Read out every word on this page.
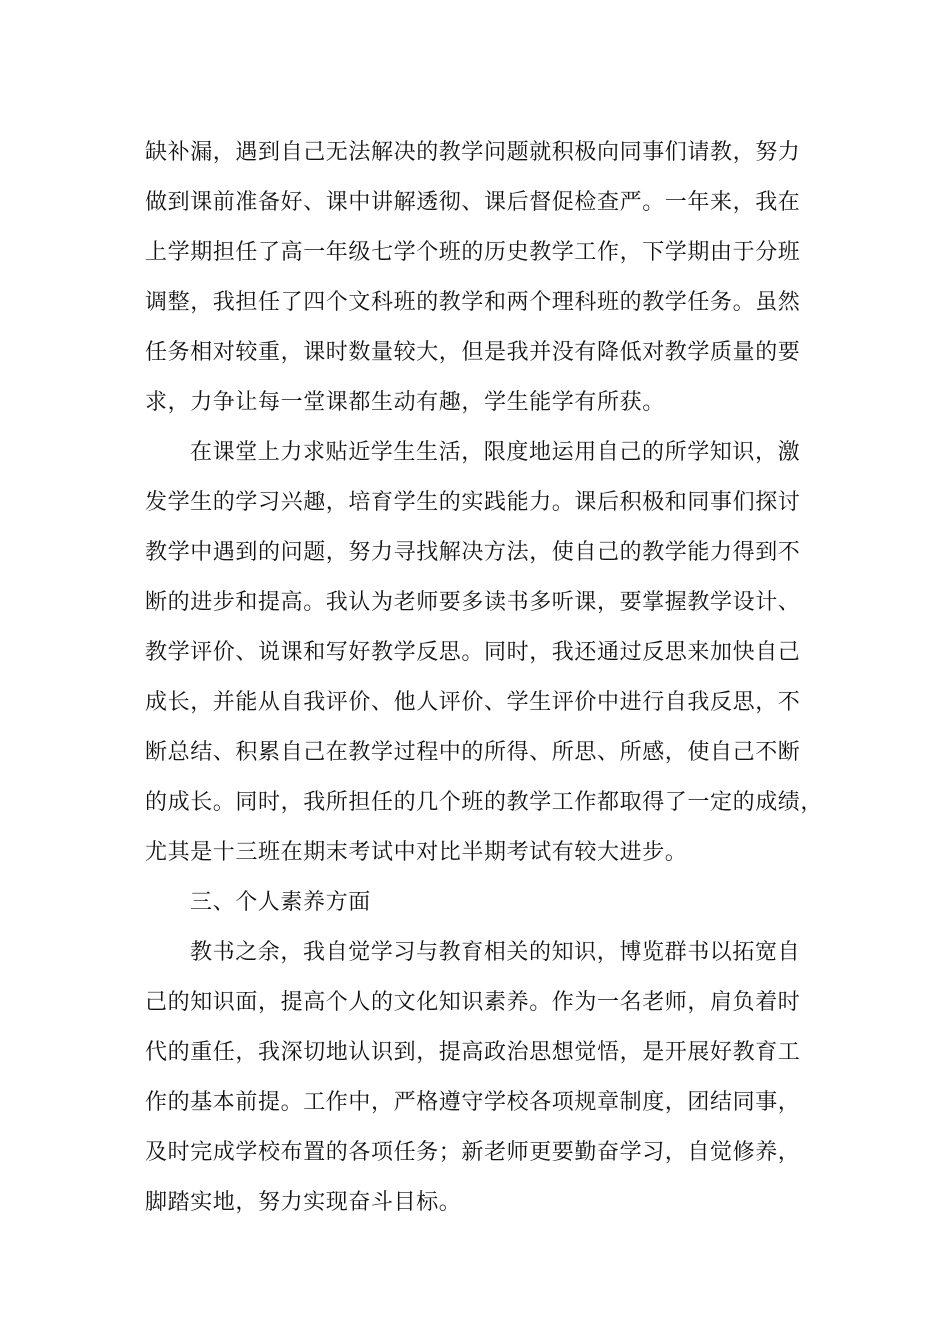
缺补漏，遇到自己无法解决的教学问题就积极向同事们请教，努力
做到课前准备好、课中讲解透彻、课后督促检查严。一年来，我在
上学期担任了高一年级七学个班的历史教学工作，下学期由于分班
调整，我担任了四个文科班的教学和两个理科班的教学任务。虽然
任务相对较重，课时数量较大，但是我并没有降低对教学质量的要
求，力争让每一堂课都生动有趣，学生能学有所获。
在课堂上力求贴近学生生活，限度地运用自己的所学知识，激
发学生的学习兴趣，培育学生的实践能力。课后积极和同事们探讨
教学中遇到的问题，努力寻找解决方法，使自己的教学能力得到不
断的进步和提高。我认为老师要多读书多听课，要掌握教学设计、
教学评价、说课和写好教学反思。同时，我还通过反思来加快自己
成长，并能从自我评价、他人评价、学生评价中进行自我反思，不
断总结、积累自己在教学过程中的所得、所思、所感，使自己不断
的成长。同时，我所担任的几个班的教学工作都取得了一定的成绩，
尤其是十三班在期末考试中对比半期考试有较大进步。
三、个人素养方面
教书之余，我自觉学习与教育相关的知识，博览群书以拓宽自
己的知识面，提高个人的文化知识素养。作为一名老师，肩负着时
代的重任，我深切地认识到，提高政治思想觉悟，是开展好教育工
作的基本前提。工作中，严格遵守学校各项规章制度，团结同事，
及时完成学校布置的各项任务；新老师更要勤奋学习，自觉修养，
脚踏实地，努力实现奋斗目标。
